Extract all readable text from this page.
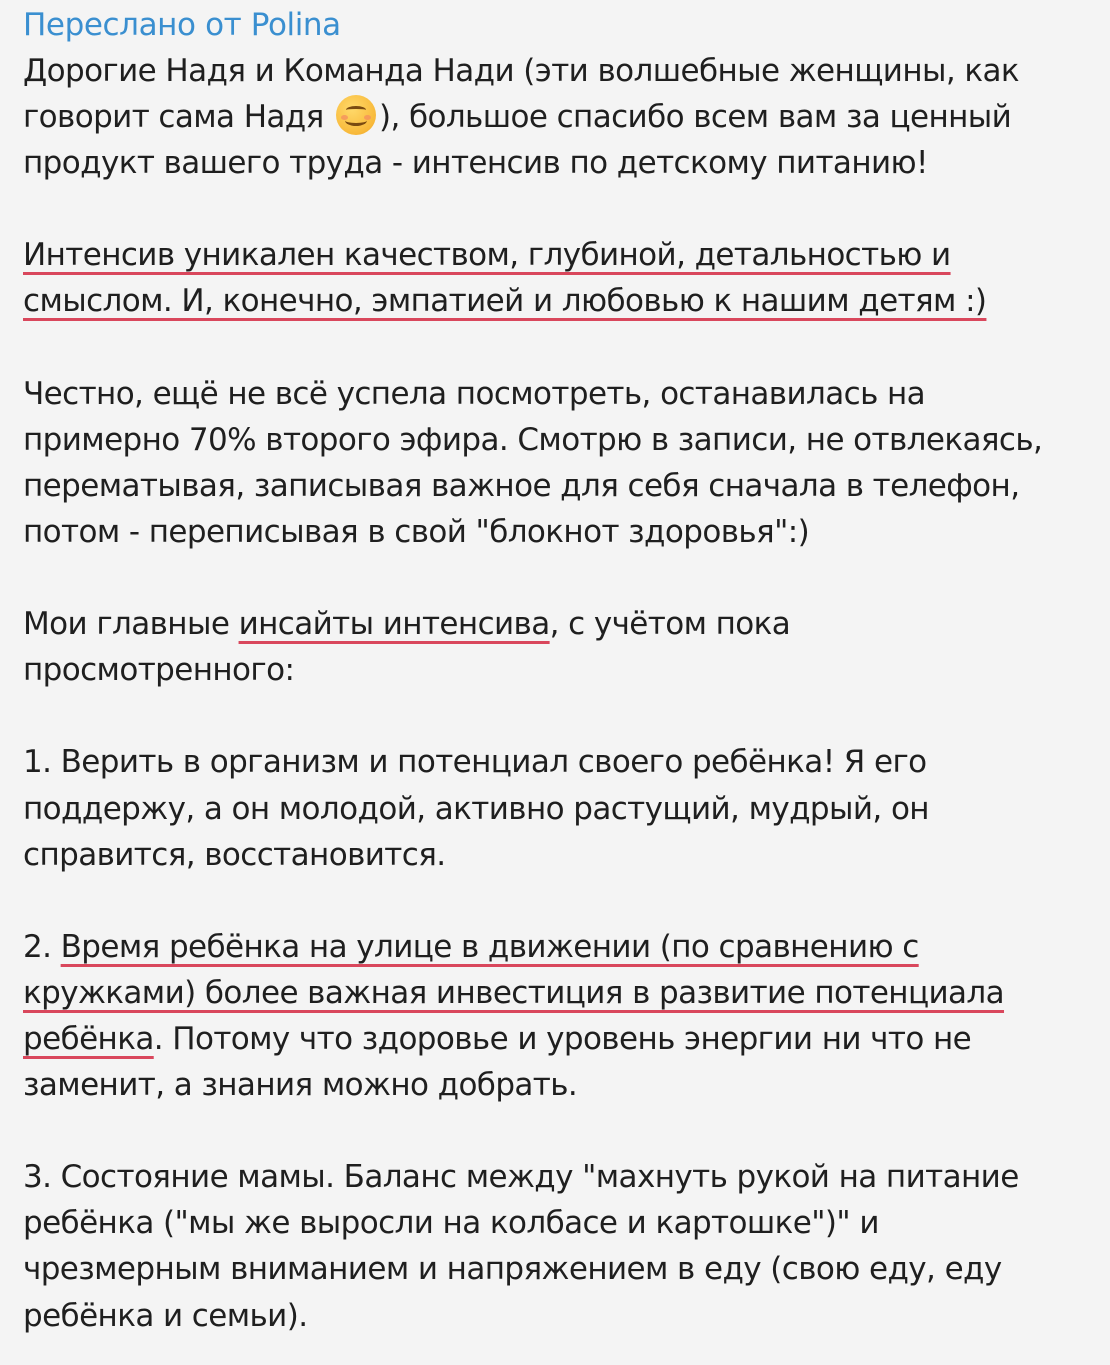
Переслано от Polina
Дорогие Надя и Команда Нади (эти волшебные женщины, как
говорит сама Надя
), большое спасибо всем вам за ценный
продукт вашего труда - интенсив по детскому питанию!
Интенсив уникален качеством, глубиной, детальностью и
смыслом. И, конечно, эмпатией и любовью к нашим детям :)
Честно, ещё не всё успела посмотреть, останавилась на
примерно 70% второго эфира. Смотрю в записи, не отвлекаясь,
перематывая, записывая важное для себя сначала в телефон,
потом - переписывая в свой "блокнот здоровья":)
Мои главные инсайты интенсива, с учётом пока
просмотренного:
1. Верить в организм и потенциал своего ребёнка! Я его
поддержу, а он молодой, активно растущий, мудрый, он
справится, восстановится.
2. Время ребёнка на улице в движении (по сравнению с
кружками) более важная инвестиция в развитие потенциала
ребёнка. Потому что здоровье и уровень энергии ни что не
заменит, а знания можно добрать.
3. Состояние мамы. Баланс между "махнуть рукой на питание
ребёнка ("мы же выросли на колбасе и картошке")" и
чрезмерным вниманием и напряжением в еду (свою еду, еду
ребёнка и семьи).
